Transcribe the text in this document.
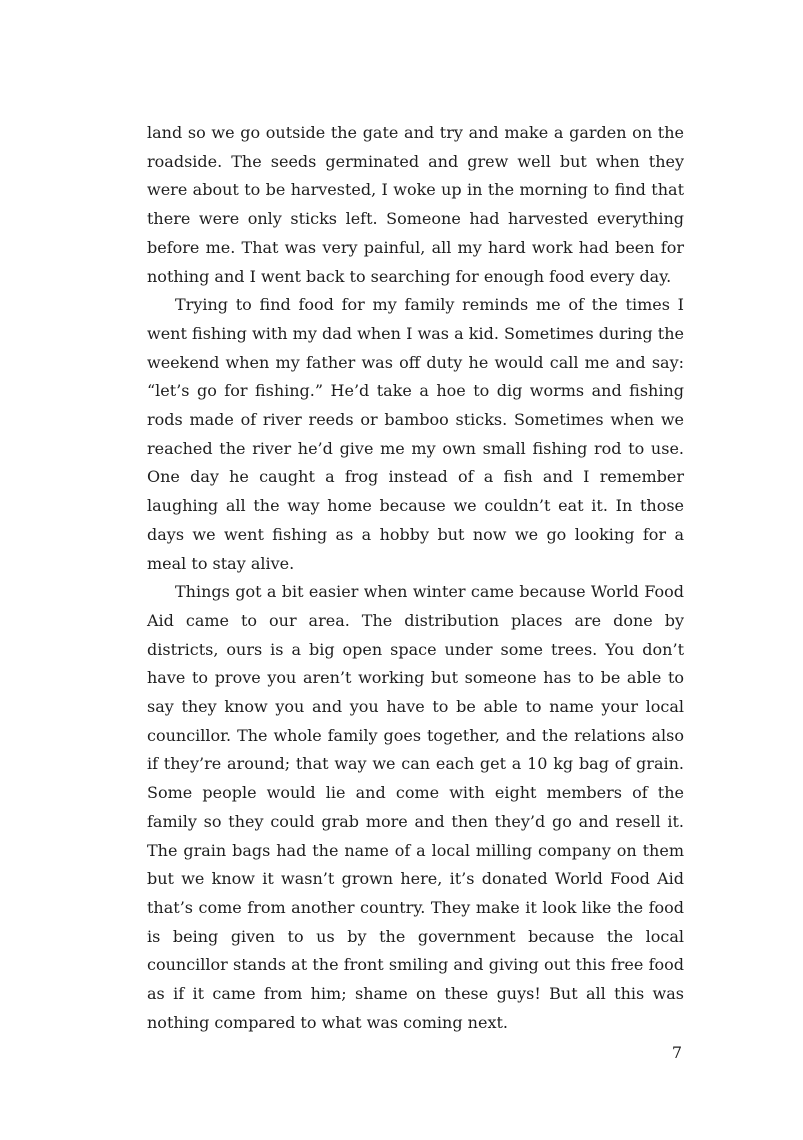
land so we go outside the gate and try and make a garden on the roadside. The seeds germinated and grew well but when they were about to be harvested, I woke up in the morning to find that there were only sticks left. Someone had harvested everything before me. That was very painful, all my hard work had been for nothing and I went back to searching for enough food every day.

Trying to find food for my family reminds me of the times I went fishing with my dad when I was a kid. Sometimes during the weekend when my father was off duty he would call me and say: “let’s go for fishing.” He’d take a hoe to dig worms and fishing rods made of river reeds or bamboo sticks. Sometimes when we reached the river he’d give me my own small fishing rod to use. One day he caught a frog instead of a fish and I remember laughing all the way home because we couldn’t eat it. In those days we went fishing as a hobby but now we go looking for a meal to stay alive.

Things got a bit easier when winter came because World Food Aid came to our area. The distribution places are done by districts, ours is a big open space under some trees. You don’t have to prove you aren’t working but someone has to be able to say they know you and you have to be able to name your local councillor. The whole family goes together, and the relations also if they’re around; that way we can each get a 10 kg bag of grain. Some people would lie and come with eight members of the family so they could grab more and then they’d go and resell it. The grain bags had the name of a local milling company on them but we know it wasn’t grown here, it’s donated World Food Aid that’s come from another country. They make it look like the food is being given to us by the government because the local councillor stands at the front smiling and giving out this free food as if it came from him; shame on these guys! But all this was nothing compared to what was coming next.

7
